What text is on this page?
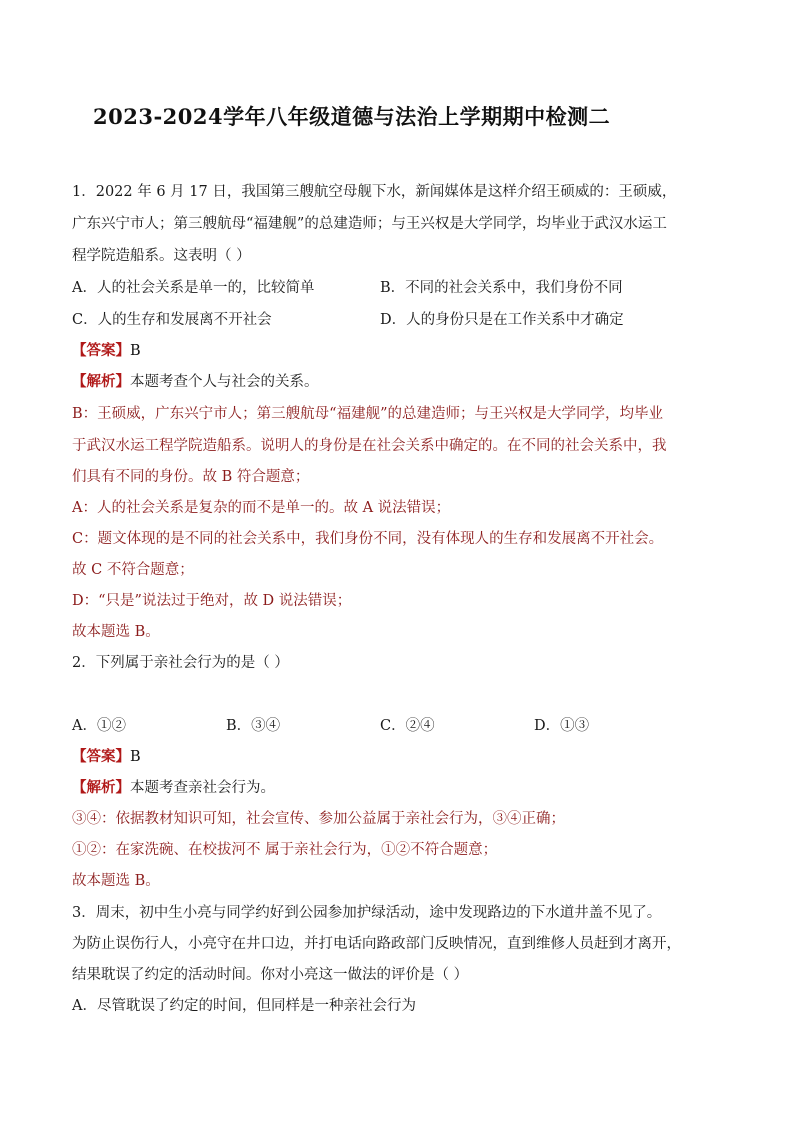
2023-2024学年八年级道德与法治上学期期中检测二
1．2022 年 6 月 17 日，我国第三艘航空母舰下水，新闻媒体是这样介绍王硕威的：王硕威，
广东兴宁市人；第三艘航母“福建舰”的总建造师；与王兴权是大学同学，均毕业于武汉水运工
程学院造船系。这表明（ ）
A．人的社会关系是单一的，比较简单	B．不同的社会关系中，我们身份不同
C．人的生存和发展离不开社会	D．人的身份只是在工作关系中才确定
【答案】B
【解析】本题考查个人与社会的关系。
B：王硕威，广东兴宁市人；第三艘航母“福建舰”的总建造师；与王兴权是大学同学，均毕业
于武汉水运工程学院造船系。说明人的身份是在社会关系中确定的。在不同的社会关系中，我
们具有不同的身份。故 B 符合题意；
A：人的社会关系是复杂的而不是单一的。故 A 说法错误；
C：题文体现的是不同的社会关系中，我们身份不同，没有体现人的生存和发展离不开社会。
故 C 不符合题意；
D：“只是”说法过于绝对，故 D 说法错误；
故本题选 B。
2．下列属于亲社会行为的是（ ）
A．①②	B．③④	C．②④	D．①③
【答案】B
【解析】本题考查亲社会行为。
③④：依据教材知识可知，社会宣传、参加公益属于亲社会行为，③④正确；
①②：在家洗碗、在校拔河不 属于亲社会行为，①②不符合题意；
故本题选 B。
3．周末，初中生小亮与同学约好到公园参加护绿活动，途中发现路边的下水道井盖不见了。
为防止误伤行人，小亮守在井口边，并打电话向路政部门反映情况，直到维修人员赶到才离开，
结果耽误了约定的活动时间。你对小亮这一做法的评价是（ ）
A．尽管耽误了约定的时间，但同样是一种亲社会行为
